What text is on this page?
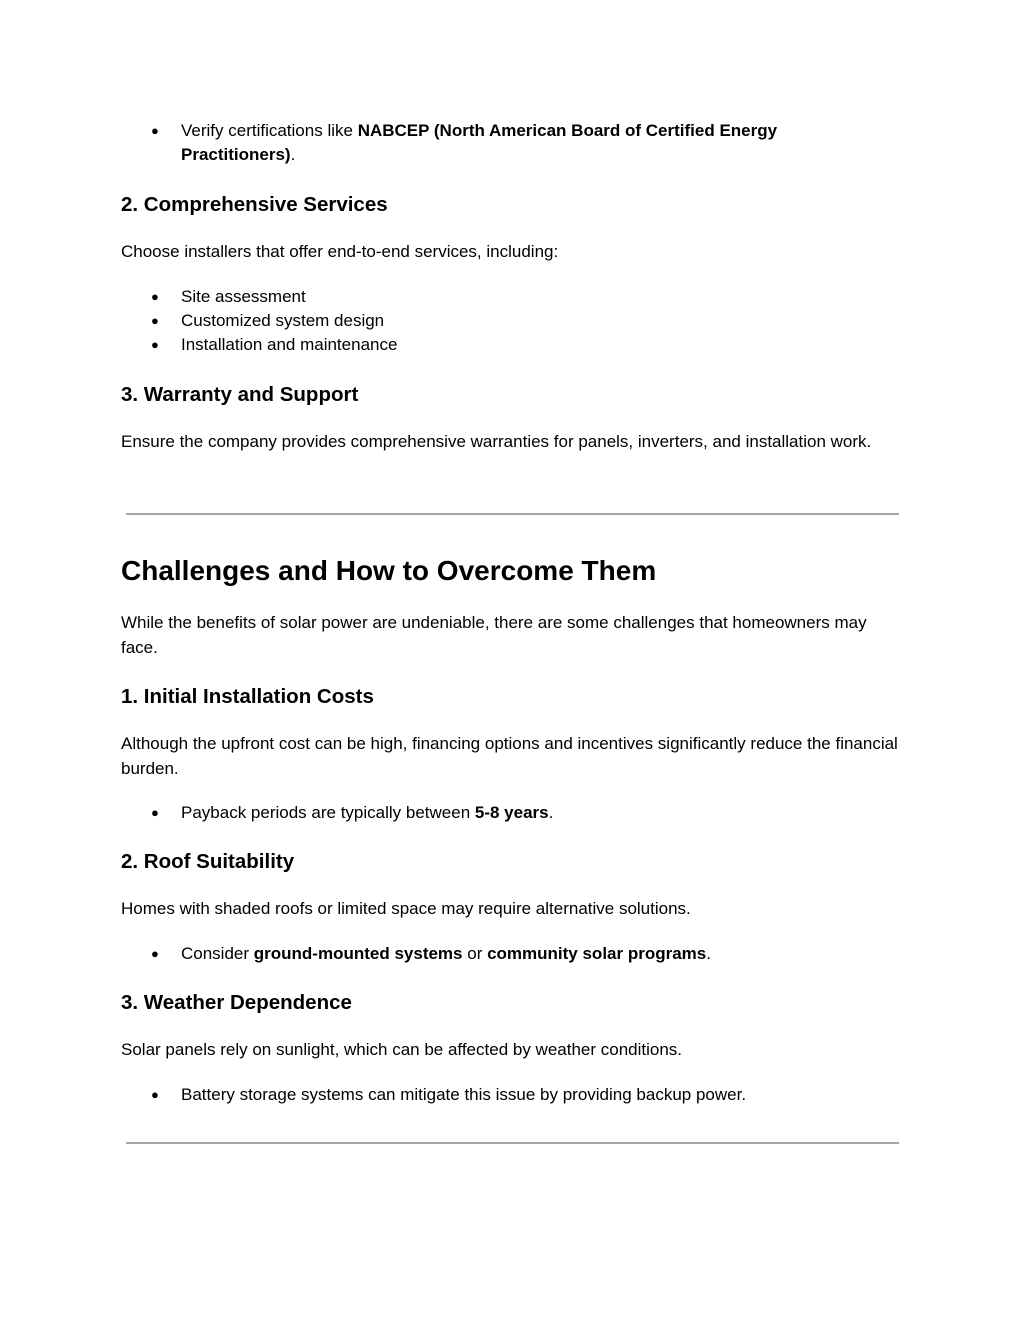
● Verify certifications like NABCEP (North American Board of Certified Energy Practitioners).
2. Comprehensive Services
Choose installers that offer end-to-end services, including:
● Site assessment
● Customized system design
● Installation and maintenance
3. Warranty and Support
Ensure the company provides comprehensive warranties for panels, inverters, and installation work.
Challenges and How to Overcome Them
While the benefits of solar power are undeniable, there are some challenges that homeowners may face.
1. Initial Installation Costs
Although the upfront cost can be high, financing options and incentives significantly reduce the financial burden.
● Payback periods are typically between 5-8 years.
2. Roof Suitability
Homes with shaded roofs or limited space may require alternative solutions.
● Consider ground-mounted systems or community solar programs.
3. Weather Dependence
Solar panels rely on sunlight, which can be affected by weather conditions.
● Battery storage systems can mitigate this issue by providing backup power.
